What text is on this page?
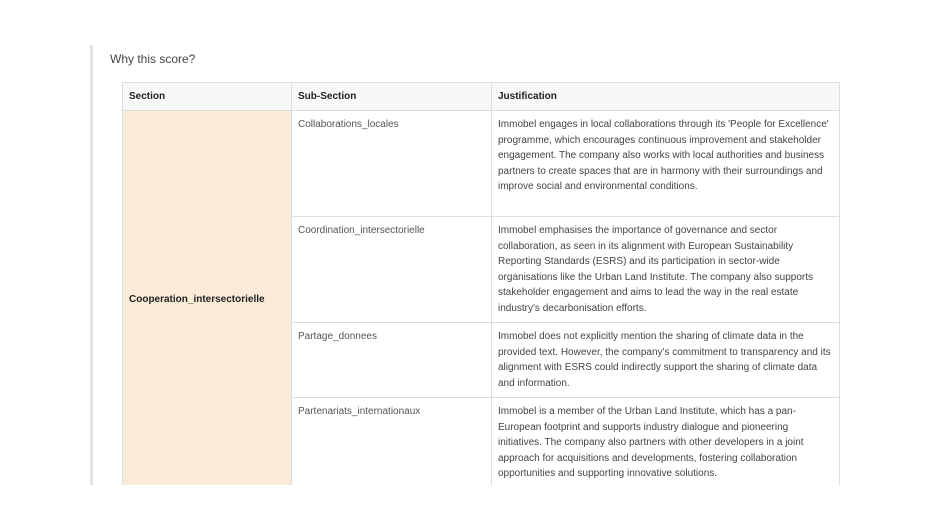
Why this score?
Section	Sub-Section	Justification
Cooperation_intersectorielle	Collaborations_locales	Immobel engages in local collaborations through its 'People for Excellence' programme, which encourages continuous improvement and stakeholder engagement. The company also works with local authorities and business partners to create spaces that are in harmony with their surroundings and improve social and environmental conditions.
	Coordination_intersectorielle	Immobel emphasises the importance of governance and sector collaboration, as seen in its alignment with European Sustainability Reporting Standards (ESRS) and its participation in sector-wide organisations like the Urban Land Institute. The company also supports stakeholder engagement and aims to lead the way in the real estate industry's decarbonisation efforts.
	Partage_donnees	Immobel does not explicitly mention the sharing of climate data in the provided text. However, the company's commitment to transparency and its alignment with ESRS could indirectly support the sharing of climate data and information.
	Partenariats_internationaux	Immobel is a member of the Urban Land Institute, which has a pan-European footprint and supports industry dialogue and pioneering initiatives. The company also partners with other developers in a joint approach for acquisitions and developments, fostering collaboration opportunities and supporting innovative solutions.
